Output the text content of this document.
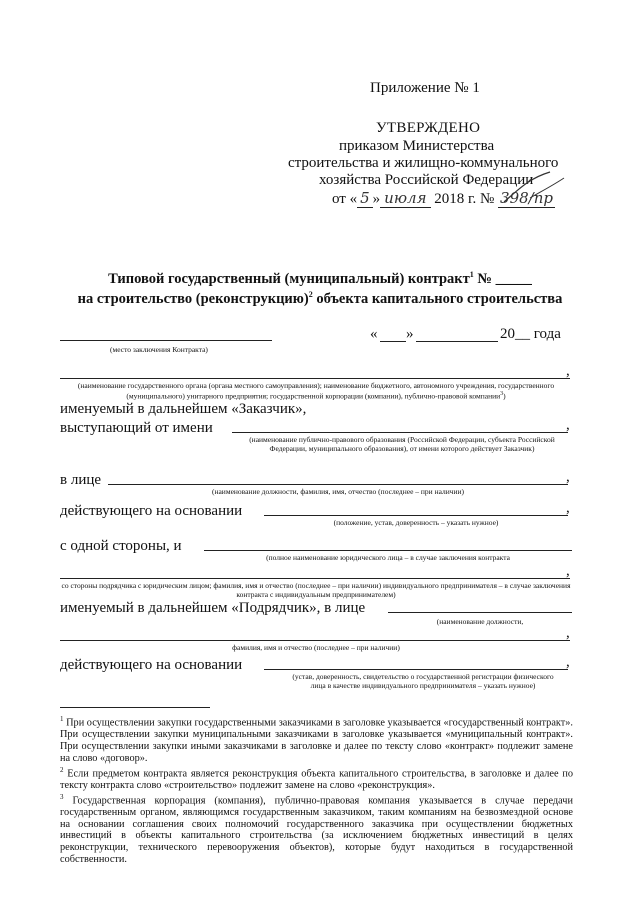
Приложение № 1
УТВЕРЖДЕНО
приказом Министерства
строительства и жилищно-коммунального
хозяйства Российской Федерации
от « 5 » июля 2018 г. № 398/пр
Типовой государственный (муниципальный) контракт$^1$ № _____
на строительство (реконструкцию)$^2$ объекта капитального строительства
(место заключения Контракта)
« »	20__ года
,
(наименование государственного органа (органа местного самоуправления); наименование бюджетного, автономного учреждения, государственного (муниципального) унитарного предприятия; государственной корпорации (компании), публично-правовой компании$^3$)
именуемый в дальнейшем «Заказчик»,
выступающий от имени	,
(наименование публично-правового образования (Российской Федерации, субъекта Российской Федерации, муниципального образования), от имени которого действует Заказчик)
в лице	,
(наименование должности, фамилия, имя, отчество (последнее – при наличии)
действующего на основании	,
(положение, устав, доверенность – указать нужное)
с одной стороны, и
(полное наименование юридического лица – в случае заключения контракта
,
со стороны подрядчика с юридическим лицом; фамилия, имя и отчество (последнее – при наличии) индивидуального предпринимателя – в случае заключения контракта с индивидуальным предпринимателем)
именуемый в дальнейшем «Подрядчик», в лице
(наименование должности,
,
фамилия, имя и отчество (последнее – при наличии)
действующего на основании	,
(устав, доверенность, свидетельство о государственной регистрации физического лица в качестве индивидуального предпринимателя – указать нужное)
$^1$ При осуществлении закупки государственными заказчиками в заголовке указывается «государственный контракт». При осуществлении закупки муниципальными заказчиками в заголовке указывается «муниципальный контракт». При осуществлении закупки иными заказчиками в заголовке и далее по тексту слово «контракт» подлежит замене на слово «договор».
$^2$ Если предметом контракта является реконструкция объекта капитального строительства, в заголовке и далее по тексту контракта слово «строительство» подлежит замене на слово «реконструкция».
$^3$ Государственная корпорация (компания), публично-правовая компания указывается в случае передачи государственным органом, являющимся государственным заказчиком, таким компаниям на безвозмездной основе на основании соглашения своих полномочий государственного заказчика при осуществлении бюджетных инвестиций в объекты капитального строительства (за исключением бюджетных инвестиций в целях реконструкции, технического перевооружения объектов), которые будут находиться в государственной собственности.
